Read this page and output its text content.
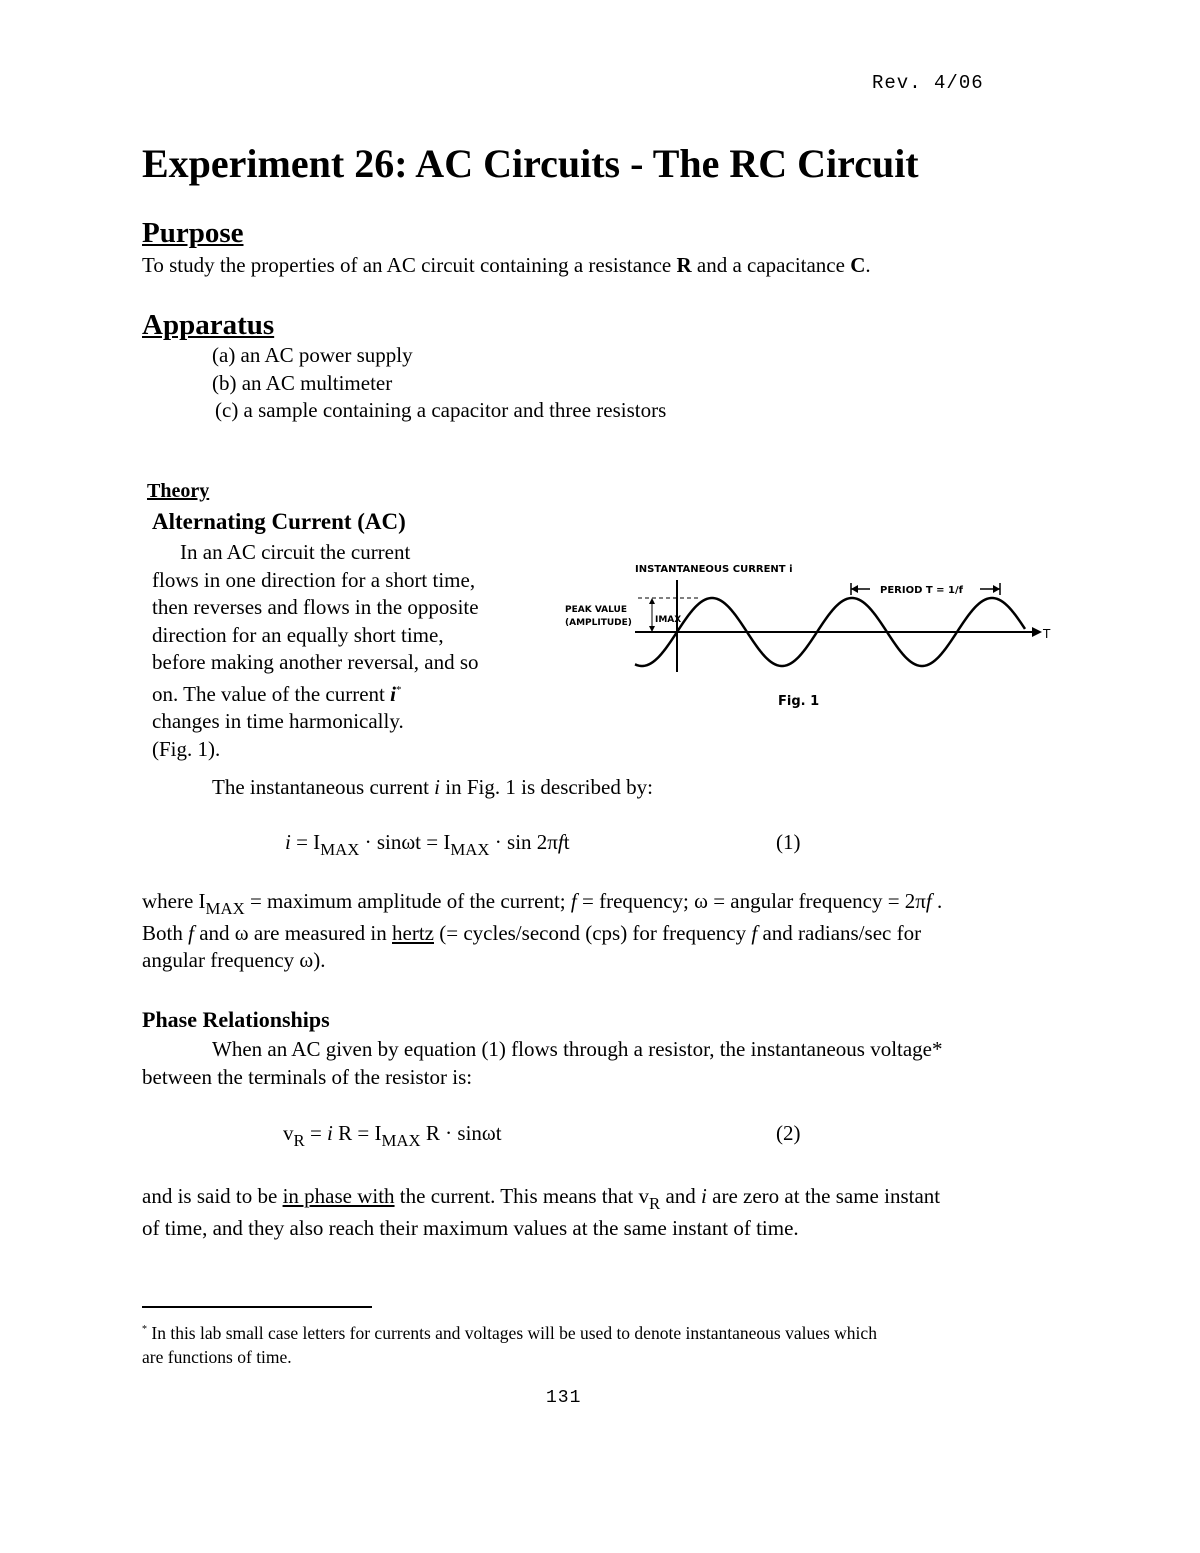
Rev. 4/06
Experiment 26: AC Circuits - The RC Circuit
Purpose

To study the properties of an AC circuit containing a resistance R and a capacitance C.

Apparatus
(a) an AC power supply
(b) an AC multimeter
(c) a sample containing a capacitor and three resistors
Theory
Alternating Current (AC)
In an AC circuit the current
flows in one direction for a short time,
then reverses and flows in the opposite
direction for an equally short time,
before making another reversal, and so
on. The value of the current i*
changes in time harmonically.
(Fig. 1).
INSTANTANEOUS CURRENT i
PERIOD T = 1/f
PEAK VALUE
(AMPLITUDE)	IMAX
T
Fig. 1

The instantaneous current i in Fig. 1 is described by:

$i = I_{MAX} \cdot \sin\omega t = I_{MAX} \cdot \sin 2\pi ft$	(1)
where $I_{MAX}$ = maximum amplitude of the current; f = frequency; ω = angular frequency = 2πf .
Both f and ω are measured in hertz (= cycles/second (cps) for frequency f and radians/sec for
angular frequency ω).
Phase Relationships
When an AC given by equation (1) flows through a resistor, the instantaneous voltage*
between the terminals of the resistor is:
$v_R = i$ $R = I_{MAX}$ R · sinωt	(2)
and is said to be in phase with the current. This means that $v_R$ and i are zero at the same instant
of time, and they also reach their maximum values at the same instant of time.
* In this lab small case letters for currents and voltages will be used to denote instantaneous values which
are functions of time.
131
